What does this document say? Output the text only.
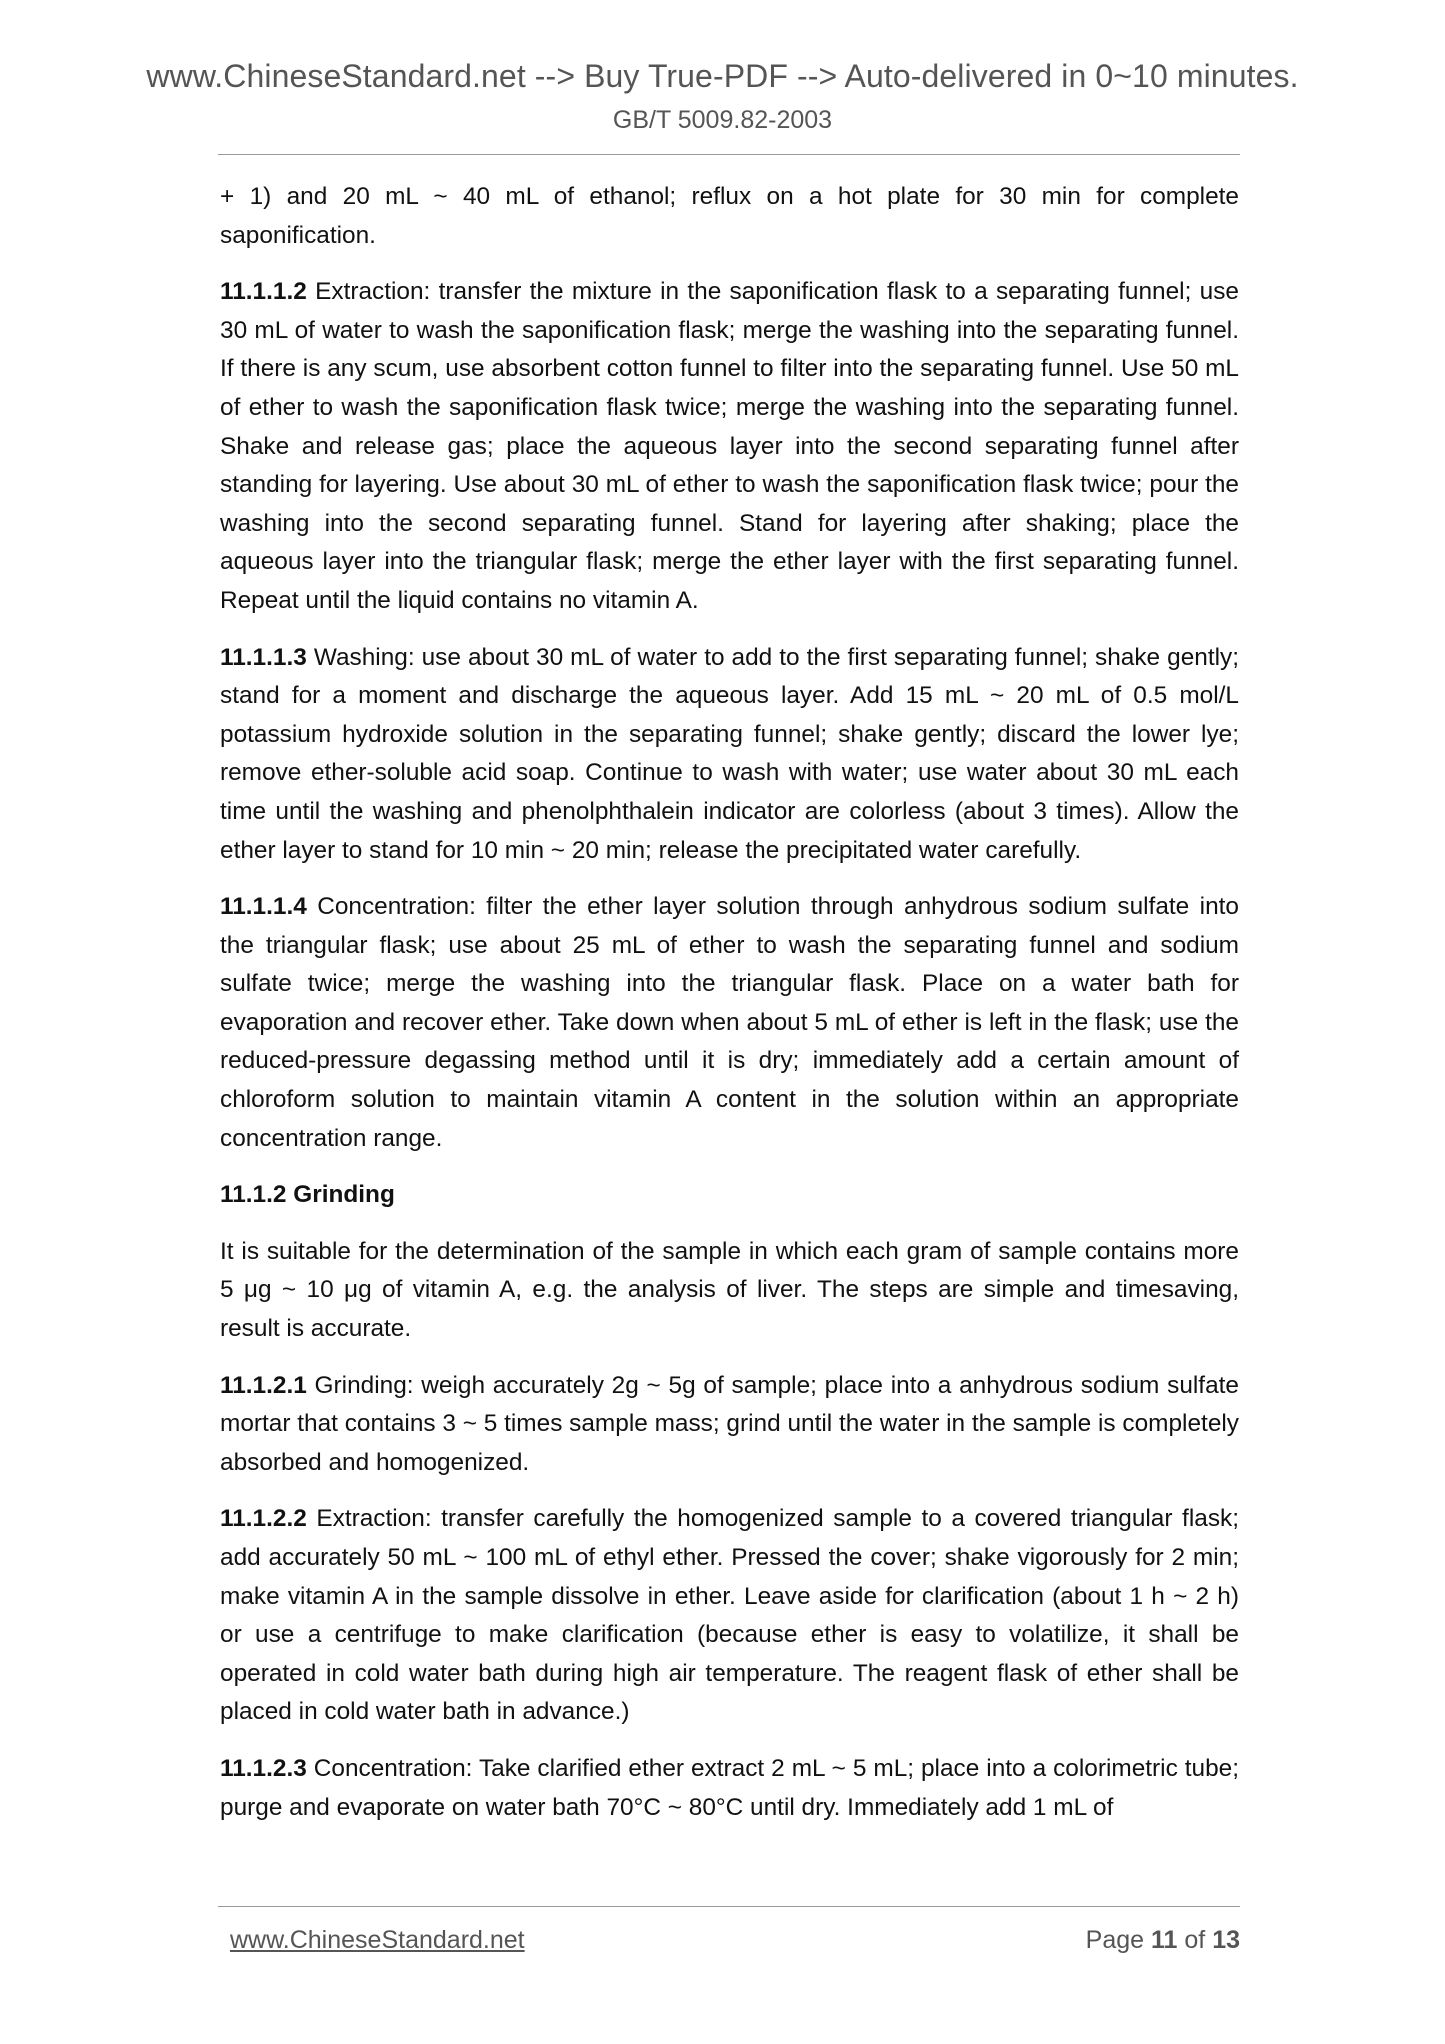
www.ChineseStandard.net --> Buy True-PDF --> Auto-delivered in 0~10 minutes.
GB/T 5009.82-2003

+ 1) and 20 mL ~ 40 mL of ethanol; reflux on a hot plate for 30 min for complete saponification.

11.1.1.2 Extraction: transfer the mixture in the saponification flask to a separating funnel; use 30 mL of water to wash the saponification flask; merge the washing into the separating funnel. If there is any scum, use absorbent cotton funnel to filter into the separating funnel. Use 50 mL of ether to wash the saponification flask twice; merge the washing into the separating funnel. Shake and release gas; place the aqueous layer into the second separating funnel after standing for layering. Use about 30 mL of ether to wash the saponification flask twice; pour the washing into the second separating funnel. Stand for layering after shaking; place the aqueous layer into the triangular flask; merge the ether layer with the first separating funnel. Repeat until the liquid contains no vitamin A.

11.1.1.3 Washing: use about 30 mL of water to add to the first separating funnel; shake gently; stand for a moment and discharge the aqueous layer. Add 15 mL ~ 20 mL of 0.5 mol/L potassium hydroxide solution in the separating funnel; shake gently; discard the lower lye; remove ether-soluble acid soap. Continue to wash with water; use water about 30 mL each time until the washing and phenolphthalein indicator are colorless (about 3 times). Allow the ether layer to stand for 10 min ~ 20 min; release the precipitated water carefully.

11.1.1.4 Concentration: filter the ether layer solution through anhydrous sodium sulfate into the triangular flask; use about 25 mL of ether to wash the separating funnel and sodium sulfate twice; merge the washing into the triangular flask. Place on a water bath for evaporation and recover ether. Take down when about 5 mL of ether is left in the flask; use the reduced-pressure degassing method until it is dry; immediately add a certain amount of chloroform solution to maintain vitamin A content in the solution within an appropriate concentration range.

11.1.2 Grinding

It is suitable for the determination of the sample in which each gram of sample contains more 5 μg ~ 10 μg of vitamin A, e.g. the analysis of liver. The steps are simple and timesaving, result is accurate.

11.1.2.1 Grinding: weigh accurately 2g ~ 5g of sample; place into a anhydrous sodium sulfate mortar that contains 3 ~ 5 times sample mass; grind until the water in the sample is completely absorbed and homogenized.

11.1.2.2 Extraction: transfer carefully the homogenized sample to a covered triangular flask; add accurately 50 mL ~ 100 mL of ethyl ether. Pressed the cover; shake vigorously for 2 min; make vitamin A in the sample dissolve in ether. Leave aside for clarification (about 1 h ~ 2 h) or use a centrifuge to make clarification (because ether is easy to volatilize, it shall be operated in cold water bath during high air temperature. The reagent flask of ether shall be placed in cold water bath in advance.)

11.1.2.3 Concentration: Take clarified ether extract 2 mL ~ 5 mL; place into a colorimetric tube; purge and evaporate on water bath 70°C ~ 80°C until dry. Immediately add 1 mL of

www.ChineseStandard.net	Page 11 of 13
